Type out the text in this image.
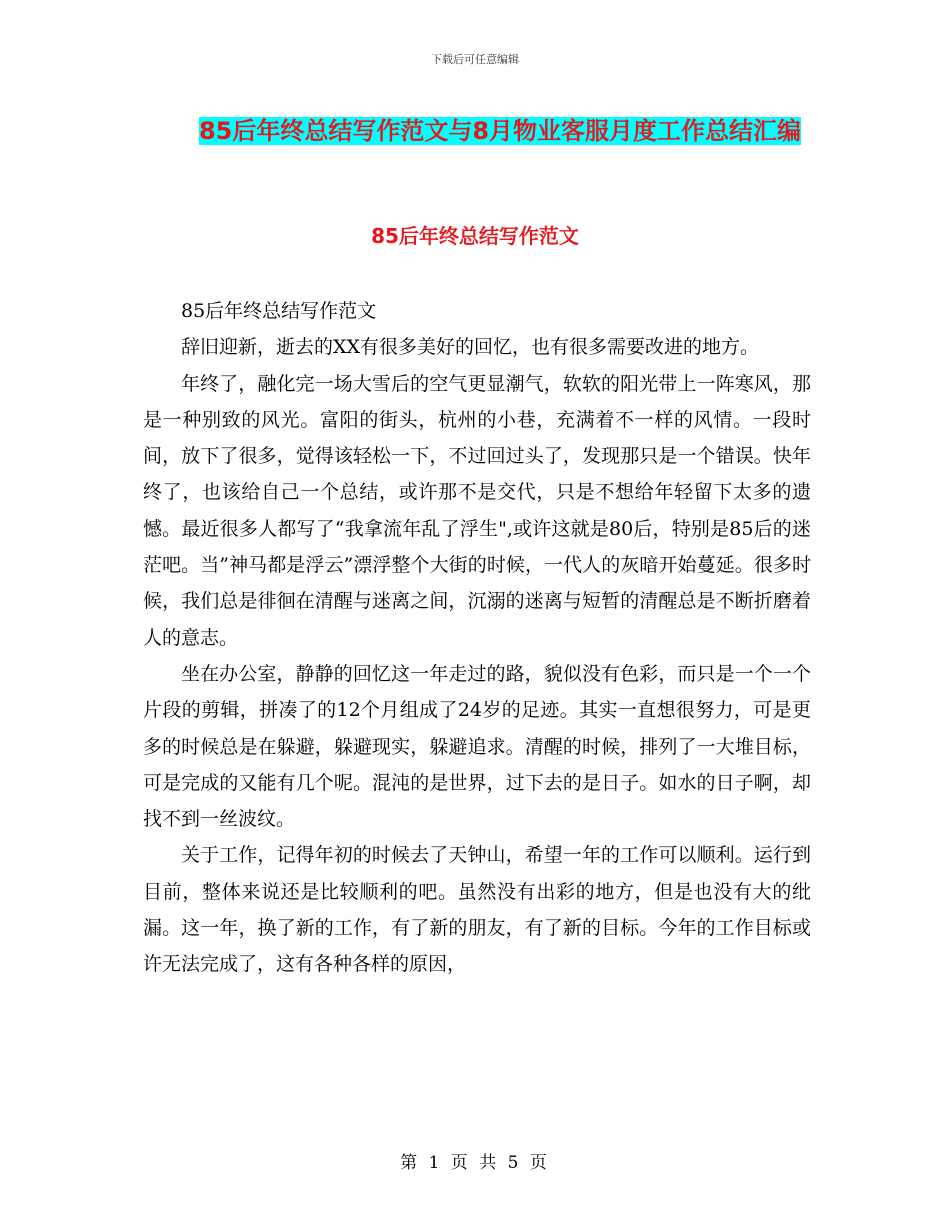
下载后可任意编辑
85后年终总结写作范文与8月物业客服月度工作总结汇编
85后年终总结写作范文

85后年终总结写作范文

辞旧迎新，逝去的XX有很多美好的回忆，也有很多需要改进的地方。

年终了，融化完一场大雪后的空气更显潮气，软软的阳光带上一阵寒风，那是一种别致的风光。富阳的街头，杭州的小巷，充满着不一样的风情。一段时间，放下了很多，觉得该轻松一下，不过回过头了，发现那只是一个错误。快年终了，也该给自己一个总结，或许那不是交代，只是不想给年轻留下太多的遗憾。最近很多人都写了“我拿流年乱了浮生",或许这就是80后，特别是85后的迷茫吧。当”神马都是浮云”漂浮整个大街的时候，一代人的灰暗开始蔓延。很多时候，我们总是徘徊在清醒与迷离之间，沉溺的迷离与短暂的清醒总是不断折磨着人的意志。

坐在办公室，静静的回忆这一年走过的路，貌似没有色彩，而只是一个一个片段的剪辑，拼凑了的12个月组成了24岁的足迹。其实一直想很努力，可是更多的时候总是在躲避，躲避现实，躲避追求。清醒的时候，排列了一大堆目标，可是完成的又能有几个呢。混沌的是世界，过下去的是日子。如水的日子啊，却找不到一丝波纹。

关于工作，记得年初的时候去了天钟山，希望一年的工作可以顺利。运行到目前，整体来说还是比较顺利的吧。虽然没有出彩的地方，但是也没有大的纰漏。这一年，换了新的工作，有了新的朋友，有了新的目标。今年的工作目标或许无法完成了，这有各种各样的原因，

第 1 页 共 5 页
